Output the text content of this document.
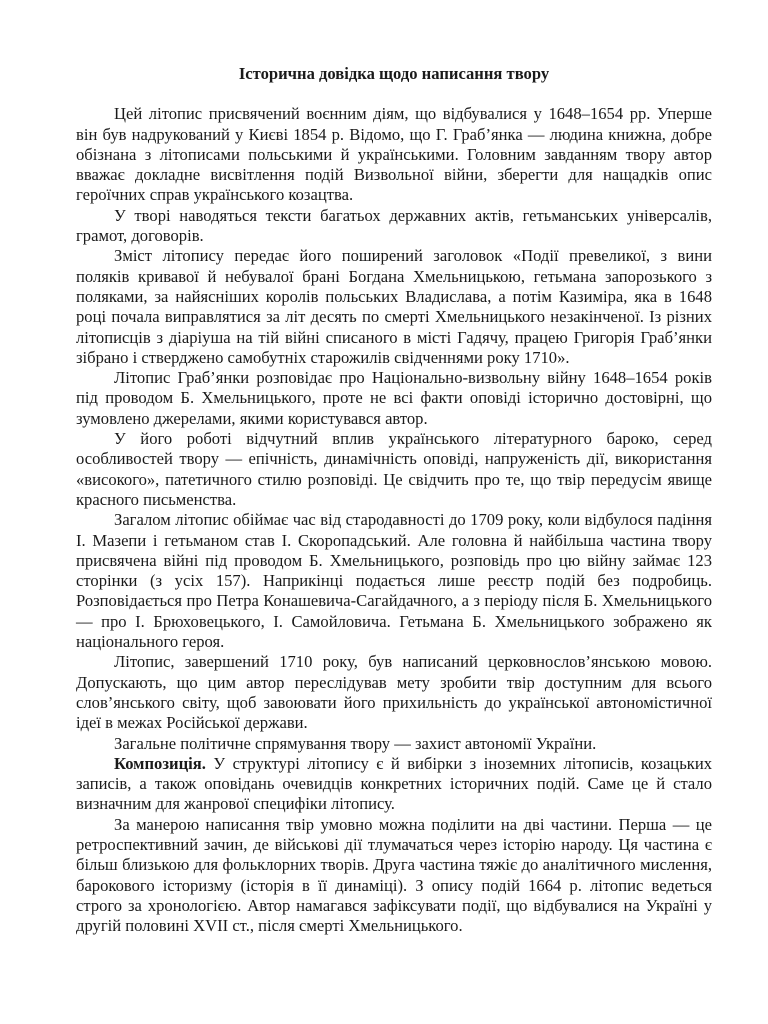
Історична довідка щодо написання твору

Цей літопис присвячений воєнним діям, що відбувалися у 1648–1654 рр. Уперше він був надрукований у Києві 1854 р. Відомо, що Г. Граб’янка — людина книжна, добре обізнана з літописами польськими й українськими. Головним завданням твору автор вважає докладне висвітлення подій Визвольної війни, зберегти для нащадків опис героїчних справ українського козацтва.

У творі наводяться тексти багатьох державних актів, гетьманських універсалів, грамот, договорів.

Зміст літопису передає його поширений заголовок «Події превеликої, з вини поляків кривавої й небувалої брані Богдана Хмельницькою, гетьмана запорозького з поляками, за найясніших королів польських Владислава, а потім Казиміра, яка в 1648 році почала виправлятися за літ десять по смерті Хмельницького незакінченої. Із різних літописців з діаріуша на тій війні списаного в місті Гадячу, працею Григорія Граб’янки зібрано і стверджено самобутніх старожилів свідченнями року 1710».

Літопис Граб’янки розповідає про Національно-визвольну війну 1648–1654 років під проводом Б. Хмельницького, проте не всі факти оповіді історично достовірні, що зумовлено джерелами, якими користувався автор.

У його роботі відчутний вплив українського літературного бароко, серед особливостей твору — епічність, динамічність оповіді, напруженість дії, використання «високого», патетичного стилю розповіді. Це свідчить про те, що твір передусім явище красного письменства.

Загалом літопис обіймає час від стародавності до 1709 року, коли відбулося падіння І. Мазепи і гетьманом став І. Скоропадський. Але головна й найбільша частина твору присвячена війні під проводом Б. Хмельницького, розповідь про цю війну займає 123 сторінки (з усіх 157). Наприкінці подається лише реєстр подій без подробиць. Розповідається про Петра Конашевича-Сагайдачного, а з періоду після Б. Хмельницького — про І. Брюховецького, І. Самойловича. Гетьмана Б. Хмельницького зображено як національного героя.

Літопис, завершений 1710 року, був написаний церковнослов’янською мовою. Допускають, що цим автор переслідував мету зробити твір доступним для всього слов’янського світу, щоб завоювати його прихильність до української автономістичної ідеї в межах Російської держави.

Загальне політичне спрямування твору — захист автономії України.

Композиція. У структурі літопису є й вибірки з іноземних літописів, козацьких записів, а також оповідань очевидців конкретних історичних подій. Саме це й стало визначним для жанрової специфіки літопису.

За манерою написання твір умовно можна поділити на дві частини. Перша — це ретроспективний зачин, де військові дії тлумачаться через історію народу. Ця частина є більш близькою для фольклорних творів. Друга частина тяжіє до аналітичного мислення, барокового історизму (історія в її динаміці). З опису подій 1664 р. літопис ведеться строго за хронологією. Автор намагався зафіксувати події, що відбувалися на Україні у другій половині XVII ст., після смерті Хмельницького.
